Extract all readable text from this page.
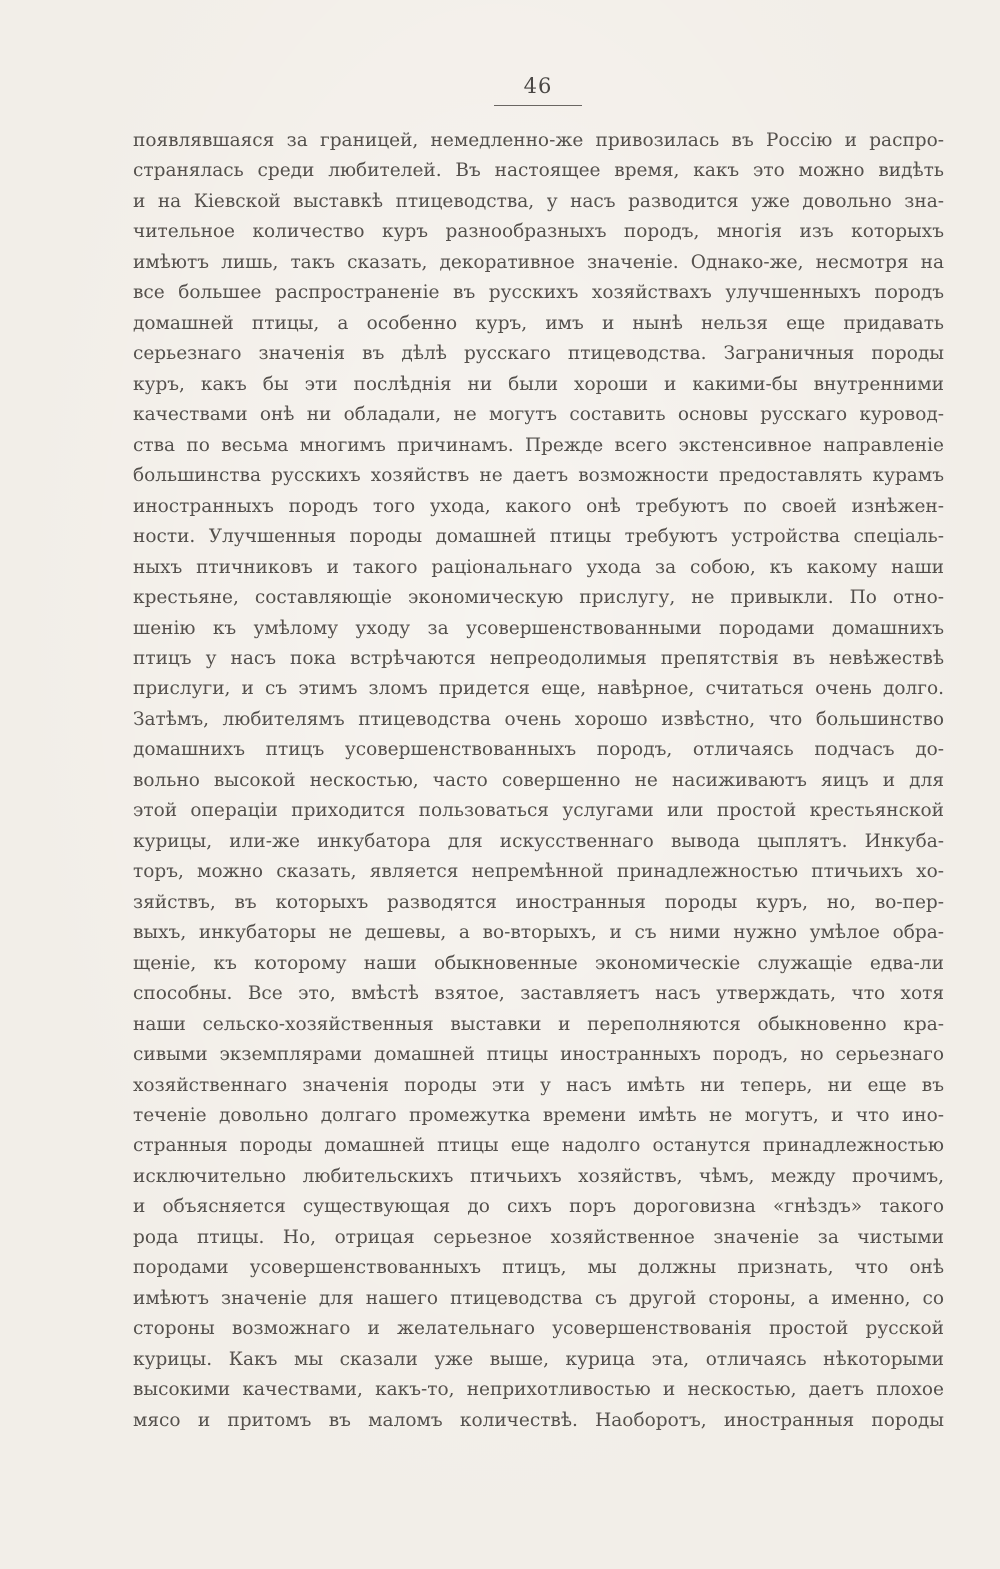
46
появлявшаяся за границей, немедленно-же привозилась въ Россію и распро-
странялась среди любителей. Въ настоящее время, какъ это можно видѣть
и на Кіевской выставкѣ птицеводства, у насъ разводится уже довольно зна-
чительное количество куръ разнообразныхъ породъ, многія изъ которыхъ
имѣютъ лишь, такъ сказать, декоративное значеніе. Однако-же, несмотря на
все большее распространеніе въ русскихъ хозяйствахъ улучшенныхъ породъ
домашней птицы, а особенно куръ, имъ и нынѣ нельзя еще придавать
серьезнаго значенія въ дѣлѣ русскаго птицеводства. Заграничныя породы
куръ, какъ бы эти послѣднія ни были хороши и какими-бы внутренними
качествами онѣ ни обладали, не могутъ составить основы русскаго куровод-
ства по весьма многимъ причинамъ. Прежде всего экстенсивное направленіе
большинства русскихъ хозяйствъ не даетъ возможности предоставлять курамъ
иностранныхъ породъ того ухода, какого онѣ требуютъ по своей изнѣжен-
ности. Улучшенныя породы домашней птицы требуютъ устройства спеціаль-
ныхъ птичниковъ и такого раціональнаго ухода за собою, къ какому наши
крестьяне, составляющіе экономическую прислугу, не привыкли. По отно-
шенію къ умѣлому уходу за усовершенствованными породами домашнихъ
птицъ у насъ пока встрѣчаются непреодолимыя препятствія въ невѣжествѣ
прислуги, и съ этимъ зломъ придется еще, навѣрное, считаться очень долго.
Затѣмъ, любителямъ птицеводства очень хорошо извѣстно, что большинство
домашнихъ птицъ усовершенствованныхъ породъ, отличаясь подчасъ до-
вольно высокой нескостью, часто совершенно не насиживаютъ яицъ и для
этой операціи приходится пользоваться услугами или простой крестьянской
курицы, или-же инкубатора для искусственнаго вывода цыплятъ. Инкуба-
торъ, можно сказать, является непремѣнной принадлежностью птичьихъ хо-
зяйствъ, въ которыхъ разводятся иностранныя породы куръ, но, во-пер-
выхъ, инкубаторы не дешевы, а во-вторыхъ, и съ ними нужно умѣлое обра-
щеніе, къ которому наши обыкновенные экономическіе служащіе едва-ли
способны. Все это, вмѣстѣ взятое, заставляетъ насъ утверждать, что хотя
наши сельско-хозяйственныя выставки и переполняются обыкновенно кра-
сивыми экземплярами домашней птицы иностранныхъ породъ, но серьезнаго
хозяйственнаго значенія породы эти у насъ имѣть ни теперь, ни еще въ
теченіе довольно долгаго промежутка времени имѣть не могутъ, и что ино-
странныя породы домашней птицы еще надолго останутся принадлежностью
исключительно любительскихъ птичьихъ хозяйствъ, чѣмъ, между прочимъ,
и объясняется существующая до сихъ поръ дороговизна «гнѣздъ» такого
рода птицы. Но, отрицая серьезное хозяйственное значеніе за чистыми
породами усовершенствованныхъ птицъ, мы должны признать, что онѣ
имѣютъ значеніе для нашего птицеводства съ другой стороны, а именно, со
стороны возможнаго и желательнаго усовершенствованія простой русской
курицы. Какъ мы сказали уже выше, курица эта, отличаясь нѣкоторыми
высокими качествами, какъ-то, неприхотливостью и нескостью, даетъ плохое
мясо и притомъ въ маломъ количествѣ. Наоборотъ, иностранныя породы
